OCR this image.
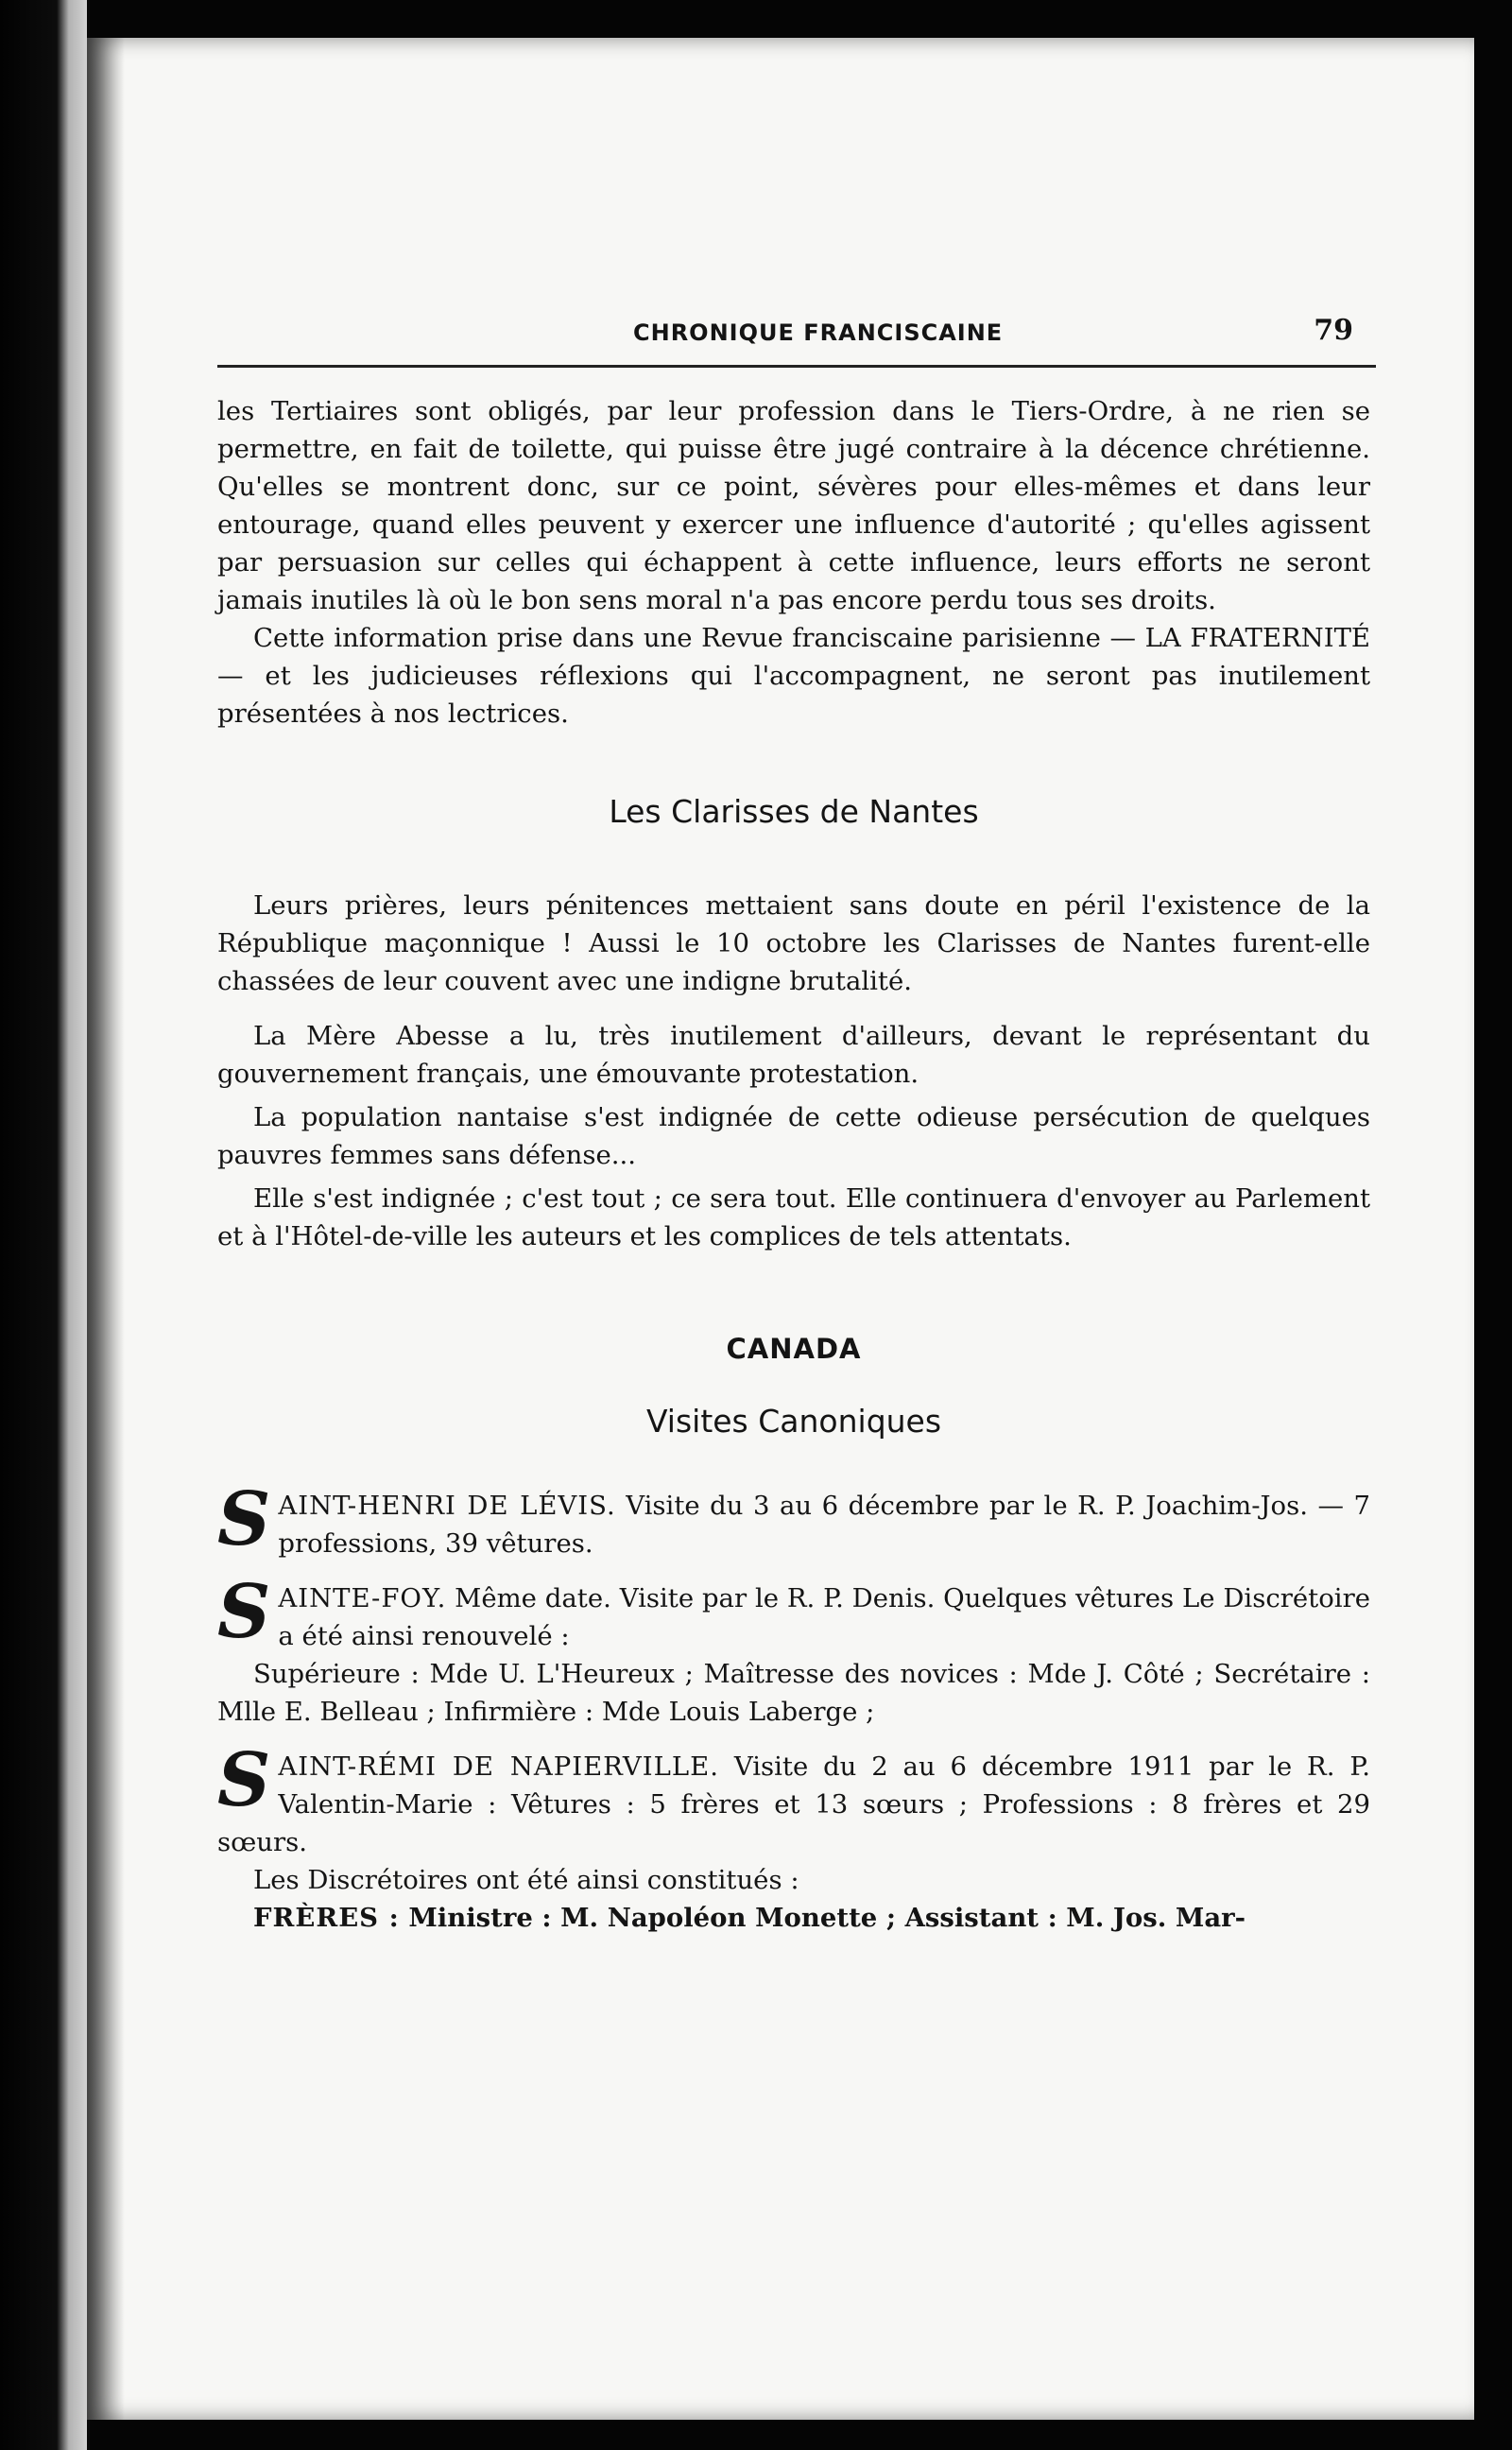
CHRONIQUE FRANCISCAINE	79

les Tertiaires sont obligés, par leur profession dans le Tiers-Ordre, à ne rien se permettre, en fait de toilette, qui puisse être jugé contraire à la décence chrétienne. Qu'elles se montrent donc, sur ce point, sévères pour elles-mêmes et dans leur entourage, quand elles peuvent y exercer une influence d'autorité ; qu'elles agissent par persuasion sur celles qui échappent à cette influence, leurs efforts ne seront jamais inutiles là où le bon sens moral n'a pas encore perdu tous ses droits.

Cette information prise dans une Revue franciscaine parisienne — LA FRATERNITÉ — et les judicieuses réflexions qui l'accompagnent, ne seront pas inutilement présentées à nos lectrices.

Les Clarisses de Nantes

Leurs prières, leurs pénitences mettaient sans doute en péril l'existence de la République maçonnique ! Aussi le 10 octobre les Clarisses de Nantes furent-elle chassées de leur couvent avec une indigne brutalité.

La Mère Abesse a lu, très inutilement d'ailleurs, devant le représentant du gouvernement français, une émouvante protestation.

La population nantaise s'est indignée de cette odieuse persécution de quelques pauvres femmes sans défense...

Elle s'est indignée ; c'est tout ; ce sera tout. Elle continuera d'envoyer au Parlement et à l'Hôtel-de-ville les auteurs et les complices de tels attentats.

CANADA
Visites Canoniques
S AINT-HENRI DE LÉVIS. Visite du 3 au 6 décembre par le R. P. Joachim-Jos. — 7 professions, 39 vêtures.

S AINTE-FOY. Même date. Visite par le R. P. Denis. Quelques vêtures Le Discrétoire a été ainsi renouvelé :

Supérieure : Mde U. L'Heureux ; Maîtresse des novices : Mde J. Côté ; Secrétaire : Mlle E. Belleau ; Infirmière : Mde Louis Laberge ;

S AINT-RÉMI DE NAPIERVILLE. Visite du 2 au 6 décembre 1911 par le R. P. Valentin-Marie : Vêtures : 5 frères et 13 sœurs ; Professions : 8 frères et 29 sœurs.

Les Discrétoires ont été ainsi constitués :

FRÈRES : Ministre : M. Napoléon Monette ; Assistant : M. Jos. Mar-
